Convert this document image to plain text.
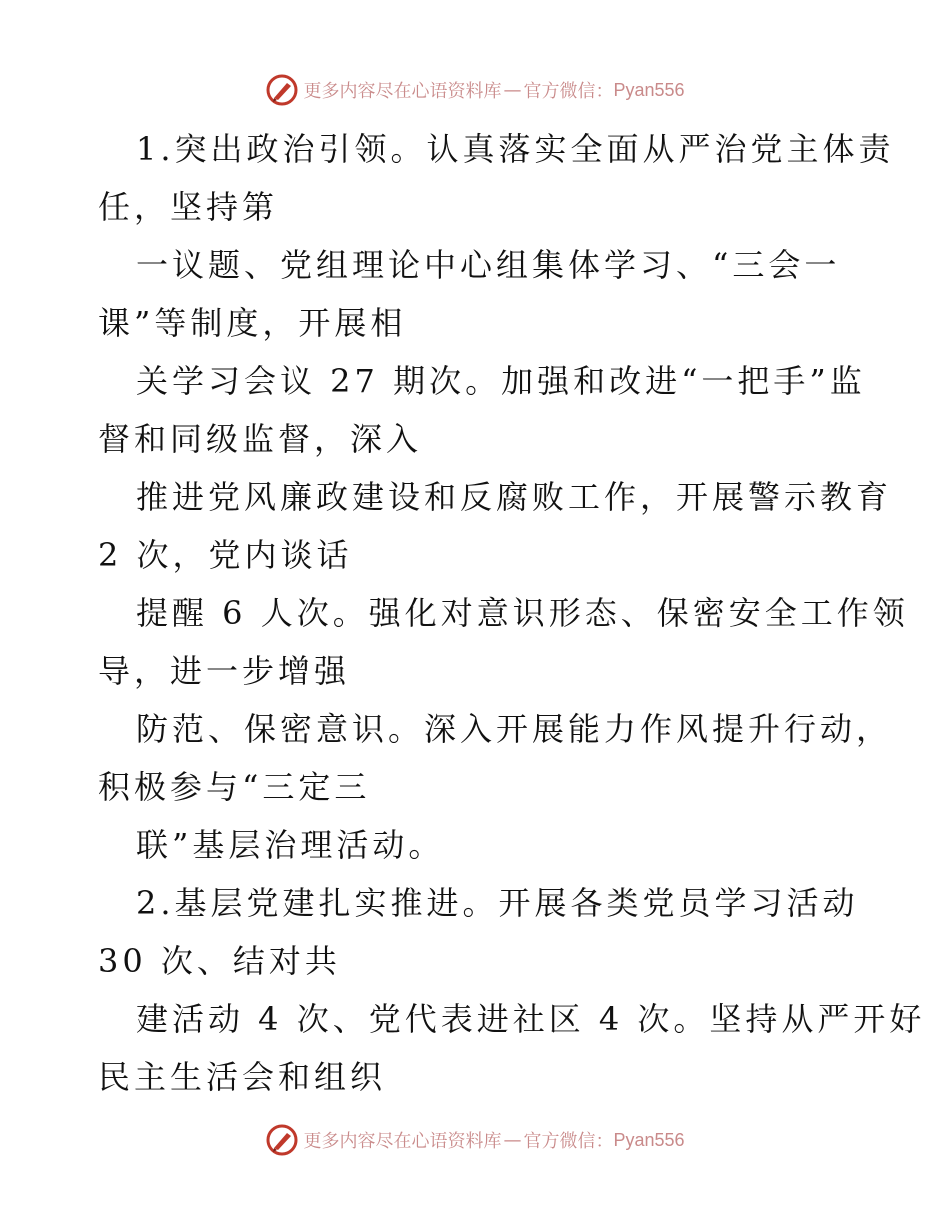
更多内容尽在心语资料库 — 官方微信： Pyan556
1.突出政治引领。认真落实全面从严治党主体责
任，坚持第
一议题、党组理论中心组集体学习、“三会一
课”等制度，开展相
关学习会议 27 期次。加强和改进“一把手”监
督和同级监督，深入
推进党风廉政建设和反腐败工作，开展警示教育
2 次，党内谈话
提醒 6 人次。强化对意识形态、保密安全工作领
导，进一步增强
防范、保密意识。深入开展能力作风提升行动，
积极参与“三定三
联”基层治理活动。
2.基层党建扎实推进。开展各类党员学习活动
30 次、结对共
建活动 4 次、党代表进社区 4 次。坚持从严开好
民主生活会和组织
更多内容尽在心语资料库 — 官方微信： Pyan556
